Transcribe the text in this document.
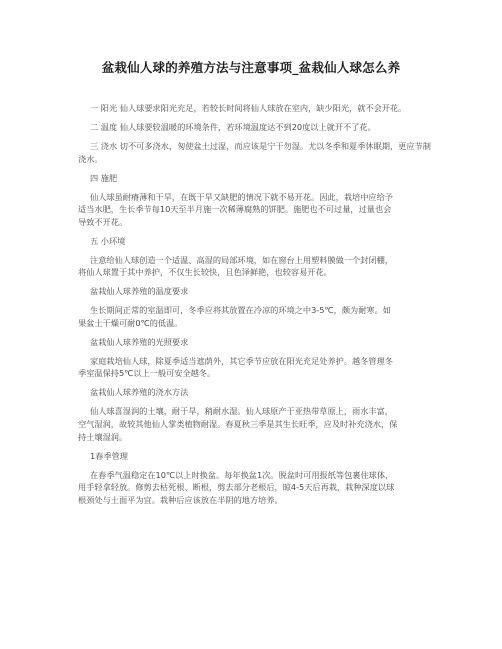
盆栽仙人球的养殖方法与注意事项_盆栽仙人球怎么养

一 阳光 仙人球要求阳光充足，若较长时间将仙人球放在室内，缺少阳光，就不会开花。

二 温度 仙人球要较温暖的环境条件，若环境温度达不到20度以上就开不了花。

三 浇水 切不可多浇水，匆使盆土过湿，而应该是宁干勿湿。尤以冬季和夏季休眠期，更应节制浇水。

四 施肥

仙人球虽耐瘠薄和干旱，在既干旱又缺肥的情况下就不易开花。因此，栽培中应给予
适当水肥，生长季节每10天至半月施一次稀薄腐熟的饼肥。施肥也不可过量，过量也会
导致不开花。

五 小环境

注意给仙人球创造一个适温、高湿的局部环境，如在窗台上用塑料膜做一个封闭棚，
将仙人球置于其中养护，不仅生长较快，且色泽鲜艳，也较容易开花。

盆栽仙人球养殖的温度要求

生长期间正常的室温即可，冬季应将其放置在冷凉的环境之中3-5℃，颇为耐寒。如
果盆土干燥可耐0℃的低温。

盆栽仙人球养殖的光照要求

家庭栽培仙人球，除夏季适当遮荫外，其它季节应放在阳光充足处养护。越冬管理冬
季室温保持5℃以上一般可安全越冬。

盆栽仙人球养殖的浇水方法

仙人球喜湿润的土壤，耐于旱，稍耐水湿。仙人球原产于亚热带草原上，雨水丰富，
空气湿润，故较其他仙人掌类植物耐湿。春夏秋三季是其生长旺季，应及时补充浇水，保
持土壤湿润。

1春季管理

在春季气温稳定在10℃以上时换盆。每年换盆1次。脱盆时可用报纸等包裹住球体，
用手轻拿轻放。修剪去枯死根、断根，剪去部分老根后，晾4-5天后再栽，栽种深度以球
根颈处与土面平为宜。栽种后应该放在半阴的地方培养。
